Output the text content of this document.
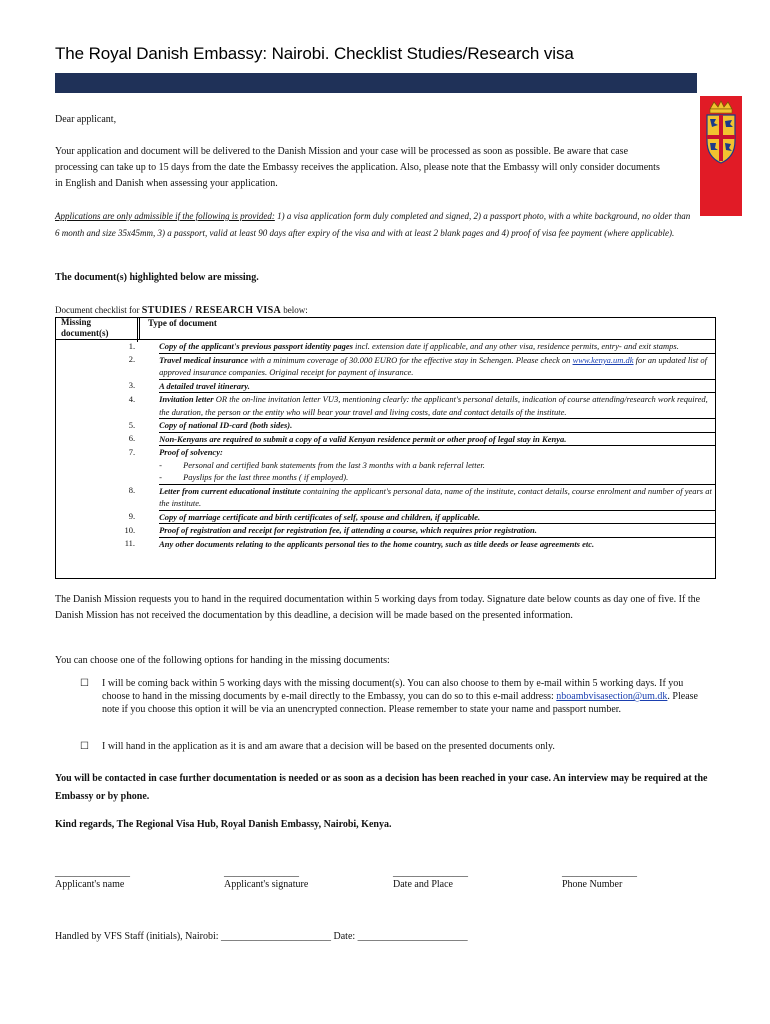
The Royal Danish Embassy: Nairobi. Checklist Studies/Research visa
Dear applicant,
Your application and document will be delivered to the Danish Mission and your case will be processed as soon as possible. Be aware that case processing can take up to 15 days from the date the Embassy receives the application. Also, please note that the Embassy will only consider documents in English and Danish when assessing your application.
Applications are only admissible if the following is provided: 1) a visa application form duly completed and signed, 2) a passport photo, with a white background, no older than 6 month and size 35x45mm, 3) a passport, valid at least 90 days after expiry of the visa and with at least 2 blank pages and 4) proof of visa fee payment (where applicable).
The document(s) highlighted below are missing.
Document checklist for STUDIES / RESEARCH VISA below:
Missing document(s)	Type of document	
1.		Copy of the applicant's previous passport identity pages incl. extension date if applicable, and any other visa, residence permits, entry- and exit stamps.
2.		Travel medical insurance with a minimum coverage of 30.000 EURO for the effective stay in Schengen. Please check on www.kenya.um.dk for an updated list of approved insurance companies. Original receipt for payment of insurance.
3.		A detailed travel itinerary.
4.		Invitation letter OR the on-line invitation letter VU3, mentioning clearly: the applicant's personal details, indication of course attending/research work required, the duration, the person or the entity who will bear your travel and living costs, date and contact details of the institute.
5.		Copy of national ID-card (both sides).
6.		Non-Kenyans are required to submit a copy of a valid Kenyan residence permit or other proof of legal stay in Kenya.
7.		Proof of solvency:
- Personal and certified bank statements from the last 3 months with a bank referral letter.
- Payslips for the last three months ( if employed).
8.		Letter from current educational institute containing the applicant's personal data, name of the institute, contact details, course enrolment and number of years at the institute.
9.		Copy of marriage certificate and birth certificates of self, spouse and children, if applicable.
10.		Proof of registration and receipt for registration fee, if attending a course, which requires prior registration.
11.		Any other documents relating to the applicants personal ties to the home country, such as title deeds or lease agreements etc.
The Danish Mission requests you to hand in the required documentation within 5 working days from today. Signature date below counts as day one of five. If the Danish Mission has not received the documentation by this deadline, a decision will be made based on the presented information.
You can choose one of the following options for handing in the missing documents:
☐ I will be coming back within 5 working days with the missing document(s). You can also choose to them by e-mail within 5 working days. If you choose to hand in the missing documents by e-mail directly to the Embassy, you can do so to this e-mail address: nboambvisasection@um.dk. Please note if you choose this option it will be via an unencrypted connection. Please remember to state your name and passport number.
☐ I will hand in the application as it is and am aware that a decision will be based on the presented documents only.
You will be contacted in case further documentation is needed or as soon as a decision has been reached in your case. An interview may be required at the Embassy or by phone.
Kind regards, The Regional Visa Hub, Royal Danish Embassy, Nairobi, Kenya.
_______________
Applicant's name
_______________
Applicant's signature
_______________
Date and Place
_______________
Phone Number
Handled by VFS Staff (initials), Nairobi: ______________________ Date: ______________________
